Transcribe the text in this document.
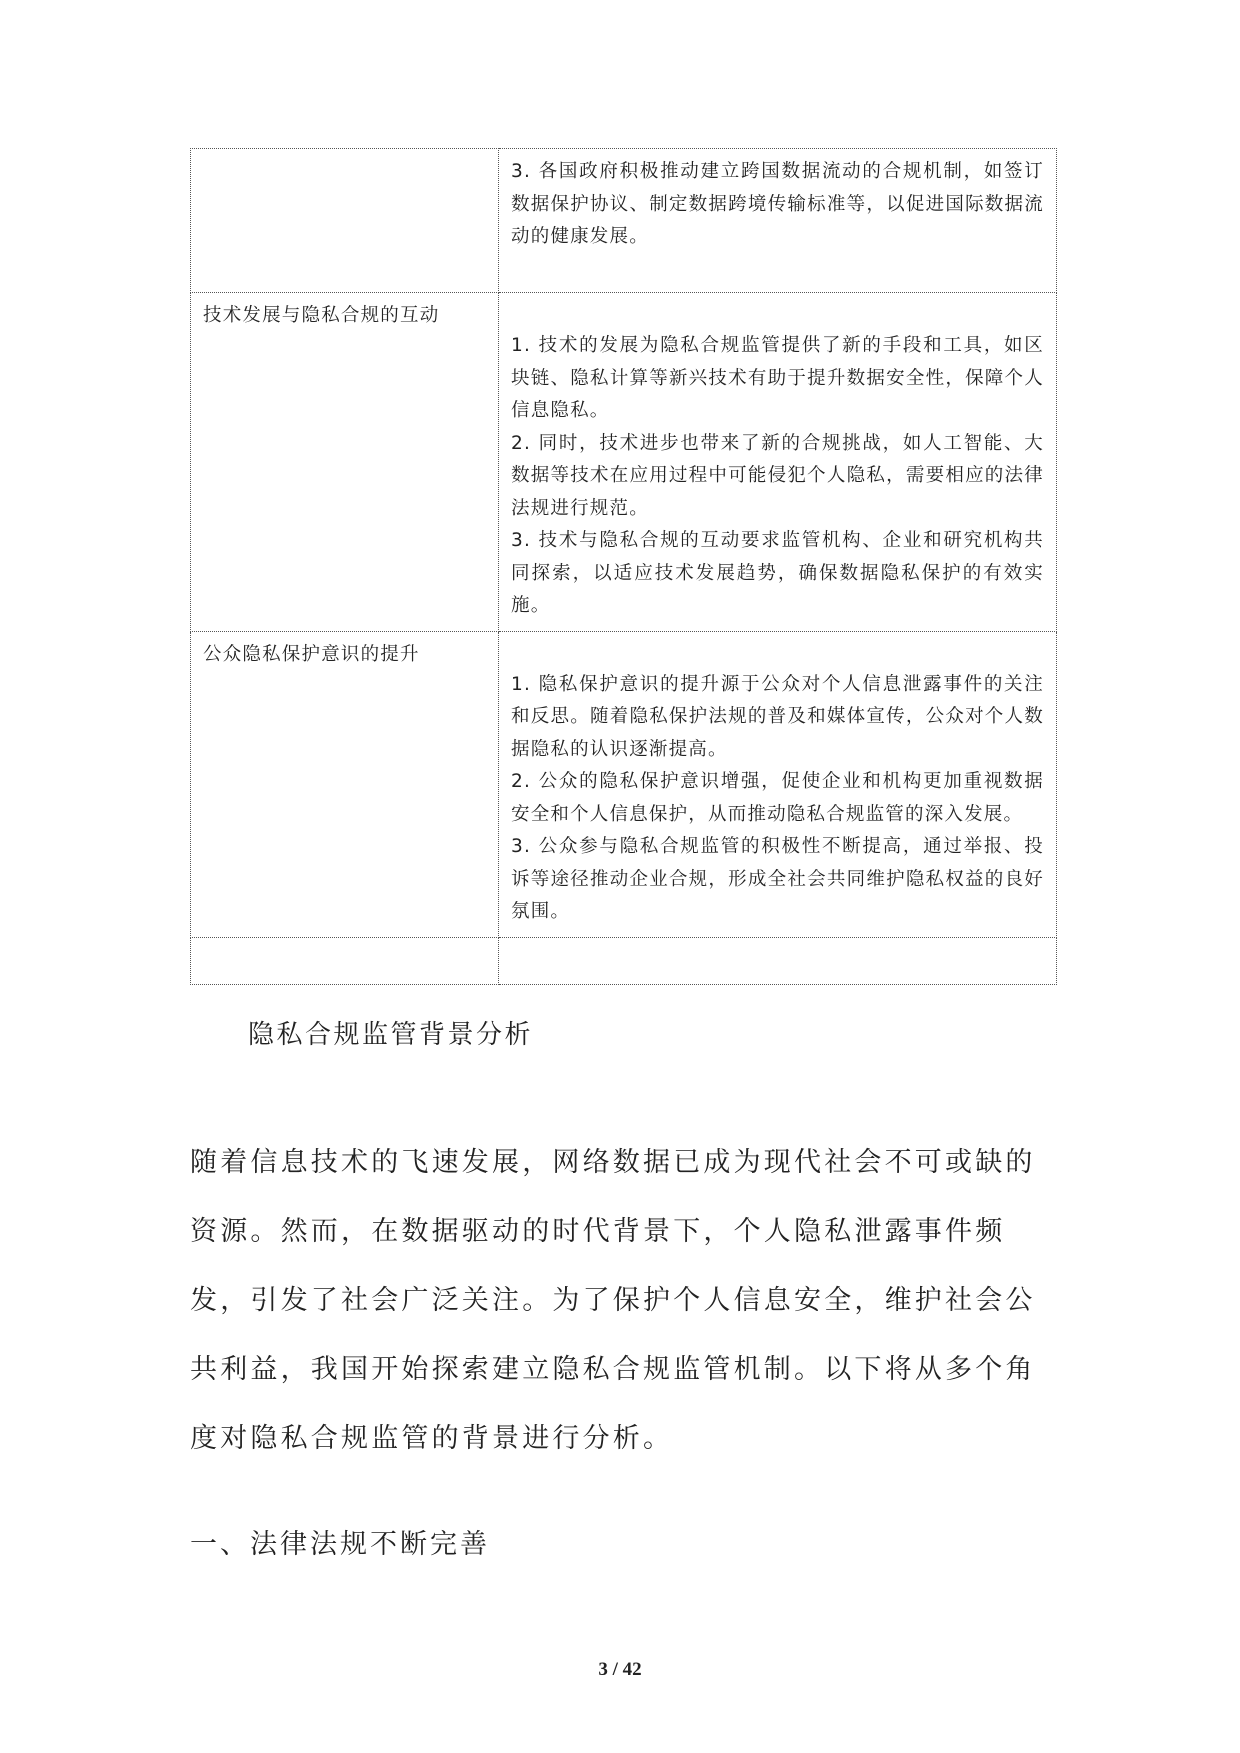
	3. 各国政府积极推动建立跨国数据流动的合规机制，如签订数据保护协议、制定数据跨境传输标准等，以促进国际数据流动的健康发展。

技术发展与隐私合规的互动	1. 技术的发展为隐私合规监管提供了新的手段和工具，如区块链、隐私计算等新兴技术有助于提升数据安全性，保障个人信息隐私。
2. 同时，技术进步也带来了新的合规挑战，如人工智能、大数据等技术在应用过程中可能侵犯个人隐私，需要相应的法律法规进行规范。
3. 技术与隐私合规的互动要求监管机构、企业和研究机构共同探索，以适应技术发展趋势，确保数据隐私保护的有效实施。

公众隐私保护意识的提升	1. 隐私保护意识的提升源于公众对个人信息泄露事件的关注和反思。随着隐私保护法规的普及和媒体宣传，公众对个人数据隐私的认识逐渐提高。
2. 公众的隐私保护意识增强，促使企业和机构更加重视数据安全和个人信息保护，从而推动隐私合规监管的深入发展。
3. 公众参与隐私合规监管的积极性不断提高，通过举报、投诉等途径推动企业合规，形成全社会共同维护隐私权益的良好氛围。

隐私合规监管背景分析

随着信息技术的飞速发展，网络数据已成为现代社会不可或缺的资源。然而，在数据驱动的时代背景下，个人隐私泄露事件频发，引发了社会广泛关注。为了保护个人信息安全，维护社会公共利益，我国开始探索建立隐私合规监管机制。以下将从多个角度对隐私合规监管的背景进行分析。

一、法律法规不断完善
3 / 42
